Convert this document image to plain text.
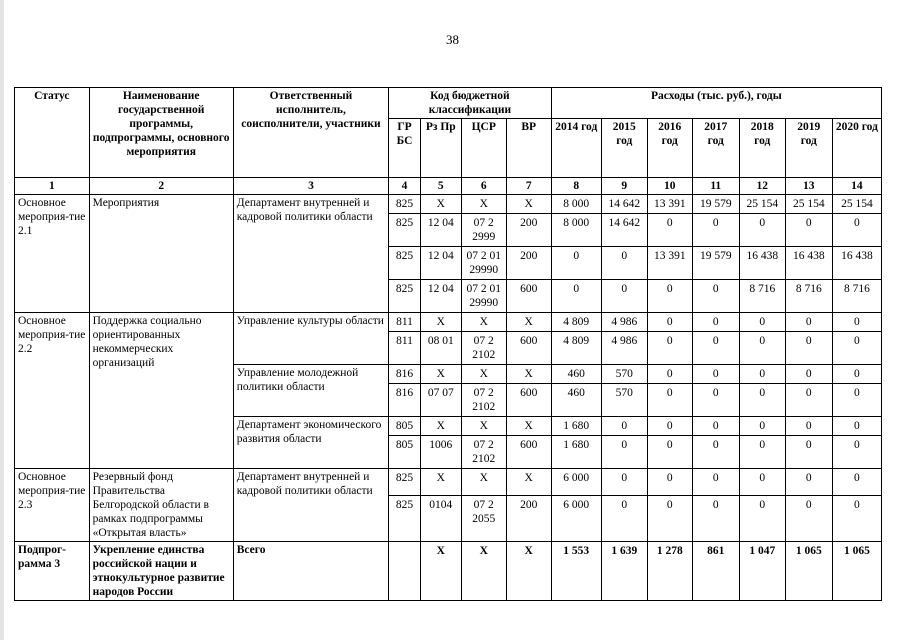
38
Статус	Наименование государственной программы, подпрограммы, основного мероприятия	Ответственный исполнитель, соисполнители, участники	Код бюджетной классификации				Расходы (тыс. руб.), годы						
			ГР БС	Рз Пр	ЦСР	ВР	2014 год	2015 год	2016 год	2017 год	2018 год	2019 год	2020 год
1	2	3	4	5	6	7	8	9	10	11	12	13	14
Основное мероприя-тие 2.1	Мероприятия	Департамент внутренней и кадровой политики области	825	X	X	X	8 000	14 642	13 391	19 579	25 154	25 154	25 154
			825	12 04	07 2 2999	200	8 000	14 642	0	0	0	0	0
			825	12 04	07 2 01 29990	200	0	0	13 391	19 579	16 438	16 438	16 438
			825	12 04	07 2 01 29990	600	0	0	0	0	8 716	8 716	8 716
Основное мероприя-тие 2.2	Поддержка социально ориентированных некоммерческих организаций	Управление культуры области	811	X	X	X	4 809	4 986	0	0	0	0	0
			811	08 01	07 2 2102	600	4 809	4 986	0	0	0	0	0
		Управление молодежной политики области	816	X	X	X	460	570	0	0	0	0	0
			816	07 07	07 2 2102	600	460	570	0	0	0	0	0
		Департамент экономического развития области	805	X	X	X	1 680	0	0	0	0	0	0
			805	1006	07 2 2102	600	1 680	0	0	0	0	0	0
Основное мероприя-тие 2.3	Резервный фонд Правительства Белгородской области в рамках подпрограммы «Открытая власть»	Департамент внутренней и кадровой политики области	825	X	X	X	6 000	0	0	0	0	0	0
			825	0104	07 2 2055	200	6 000	0	0	0	0	0	0
Подпрог-рамма 3	Укрепление единства российской нации и этнокультурное развитие народов России	Всего		X	X	X	1 553	1 639	1 278	861	1 047	1 065	1 065
